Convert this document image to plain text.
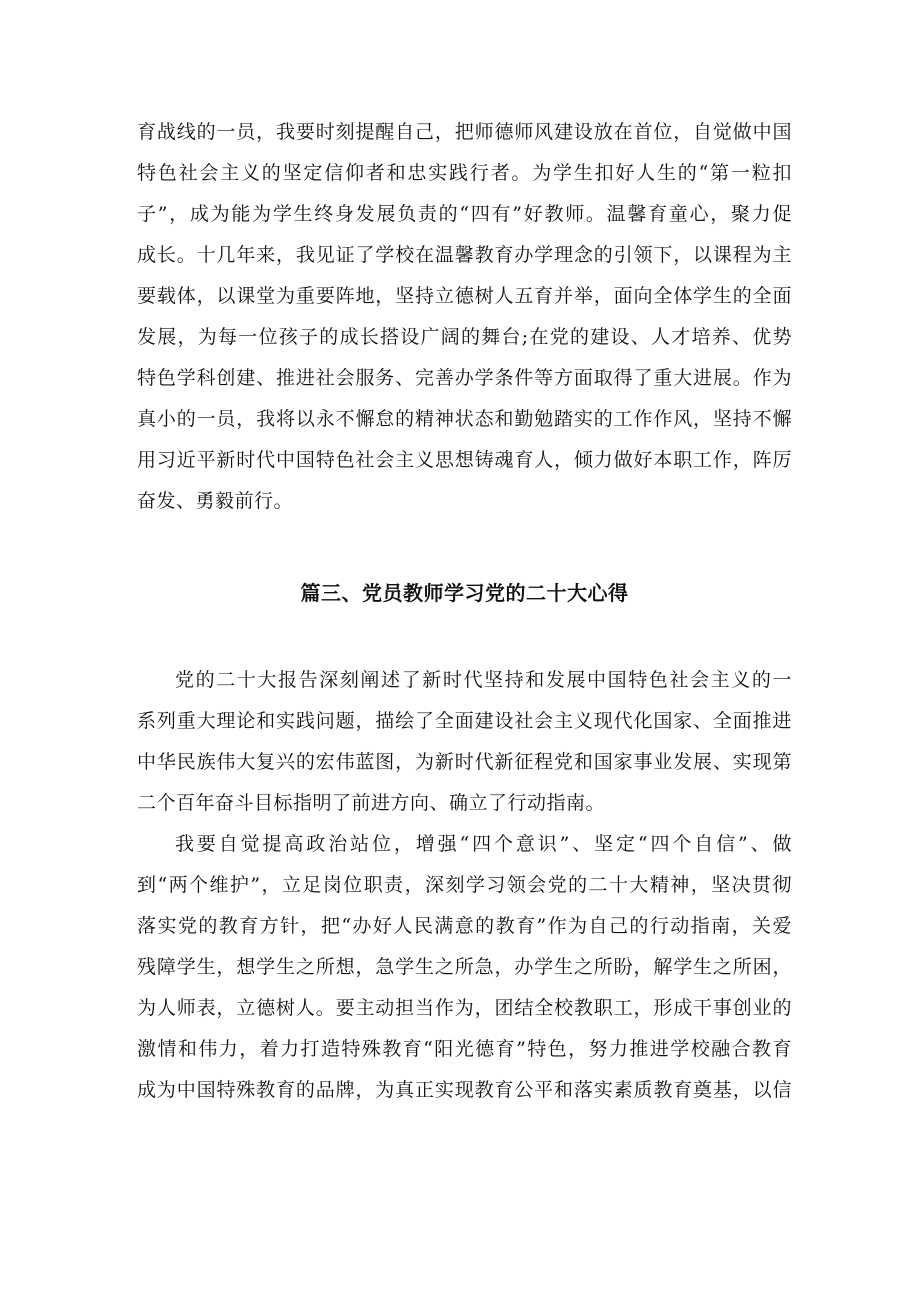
育战线的一员，我要时刻提醒自己，把师德师风建设放在首位，自觉做中国
特色社会主义的坚定信仰者和忠实践行者。为学生扣好人生的“第一粒扣
子”，成为能为学生终身发展负责的“四有”好教师。温馨育童心，聚力促
成长。十几年来，我见证了学校在温馨教育办学理念的引领下，以课程为主
要载体，以课堂为重要阵地，坚持立德树人五育并举，面向全体学生的全面
发展，为每一位孩子的成长搭设广阔的舞台;在党的建设、人才培养、优势
特色学科创建、推进社会服务、完善办学条件等方面取得了重大进展。作为
真小的一员，我将以永不懈怠的精神状态和勤勉踏实的工作作风，坚持不懈
用习近平新时代中国特色社会主义思想铸魂育人，倾力做好本职工作，阵厉
奋发、勇毅前行。
篇三、党员教师学习党的二十大心得
党的二十大报告深刻阐述了新时代坚持和发展中国特色社会主义的一
系列重大理论和实践问题，描绘了全面建设社会主义现代化国家、全面推进
中华民族伟大复兴的宏伟蓝图，为新时代新征程党和国家事业发展、实现第
二个百年奋斗目标指明了前进方向、确立了行动指南。
我要自觉提高政治站位，增强“四个意识”、坚定“四个自信”、做
到“两个维护”，立足岗位职责，深刻学习领会党的二十大精神，坚决贯彻
落实党的教育方针，把“办好人民满意的教育”作为自己的行动指南，关爱
残障学生，想学生之所想，急学生之所急，办学生之所盼，解学生之所困，
为人师表，立德树人。要主动担当作为，团结全校教职工，形成干事创业的
激情和伟力，着力打造特殊教育“阳光德育”特色，努力推进学校融合教育
成为中国特殊教育的品牌，为真正实现教育公平和落实素质教育奠基，以信
